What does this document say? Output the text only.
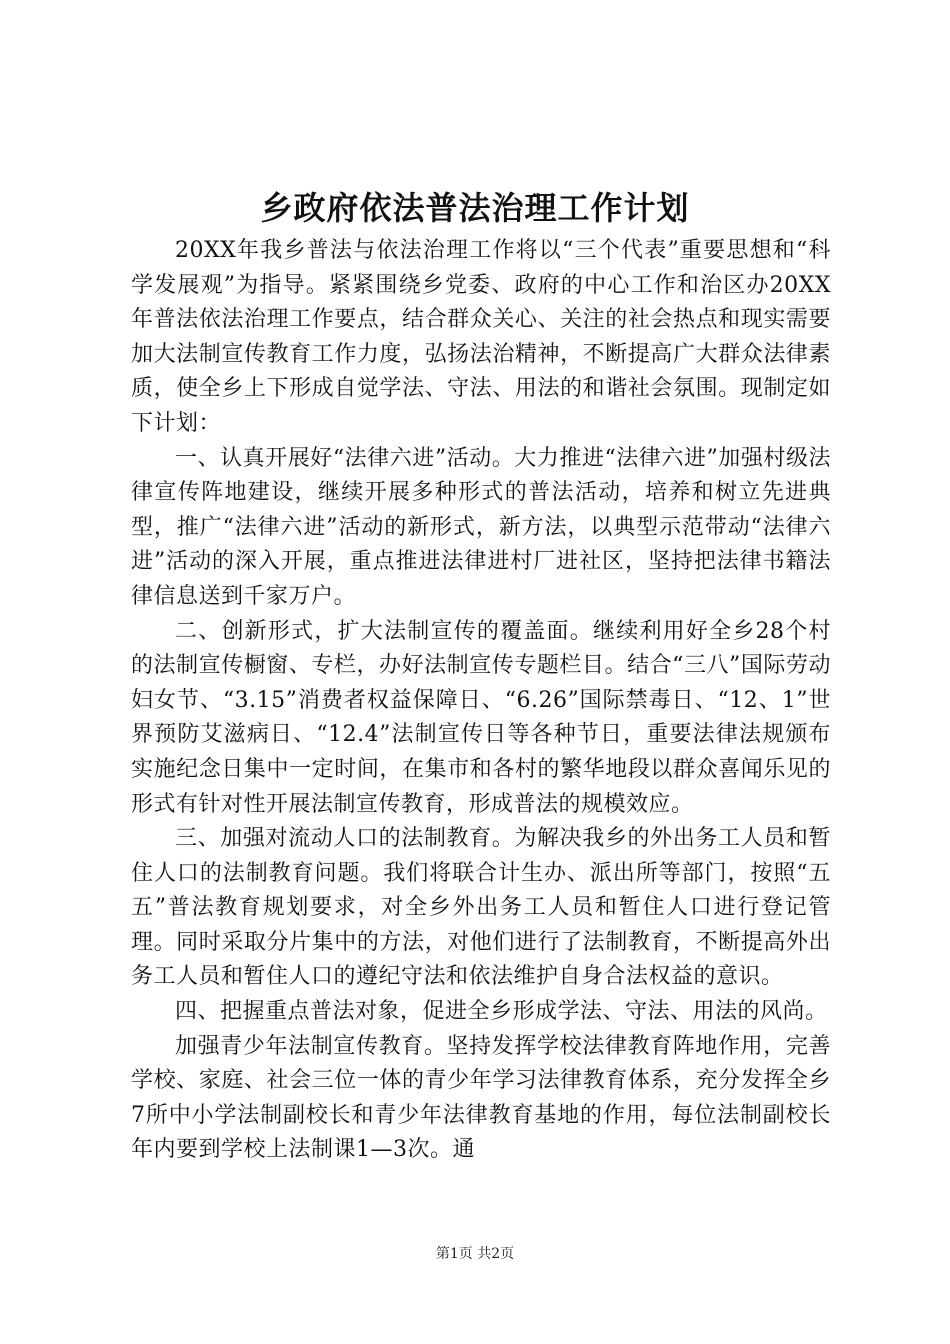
乡政府依法普法治理工作计划

20XX年我乡普法与依法治理工作将以“三个代表”重要思想和“科学发展观”为指导。紧紧围绕乡党委、政府的中心工作和治区办20XX年普法依法治理工作要点，结合群众关心、关注的社会热点和现实需要加大法制宣传教育工作力度，弘扬法治精神，不断提高广大群众法律素质，使全乡上下形成自觉学法、守法、用法的和谐社会氛围。现制定如下计划：

一、认真开展好“法律六进”活动。大力推进“法律六进”加强村级法律宣传阵地建设，继续开展多种形式的普法活动，培养和树立先进典型，推广“法律六进”活动的新形式，新方法，以典型示范带动“法律六进”活动的深入开展，重点推进法律进村厂进社区，坚持把法律书籍法律信息送到千家万户。

二、创新形式，扩大法制宣传的覆盖面。继续利用好全乡28个村的法制宣传橱窗、专栏，办好法制宣传专题栏目。结合“三八”国际劳动妇女节、“3.15”消费者权益保障日、“6.26”国际禁毒日、“12、1”世界预防艾滋病日、“12.4”法制宣传日等各种节日，重要法律法规颁布实施纪念日集中一定时间，在集市和各村的繁华地段以群众喜闻乐见的形式有针对性开展法制宣传教育，形成普法的规模效应。

三、加强对流动人口的法制教育。为解决我乡的外出务工人员和暂住人口的法制教育问题。我们将联合计生办、派出所等部门，按照“五五”普法教育规划要求，对全乡外出务工人员和暂住人口进行登记管理。同时采取分片集中的方法，对他们进行了法制教育，不断提高外出务工人员和暂住人口的遵纪守法和依法维护自身合法权益的意识。

四、把握重点普法对象，促进全乡形成学法、守法、用法的风尚。

加强青少年法制宣传教育。坚持发挥学校法律教育阵地作用，完善学校、家庭、社会三位一体的青少年学习法律教育体系，充分发挥全乡7所中小学法制副校长和青少年法律教育基地的作用，每位法制副校长年内要到学校上法制课1—3次。通

第1页 共2页
